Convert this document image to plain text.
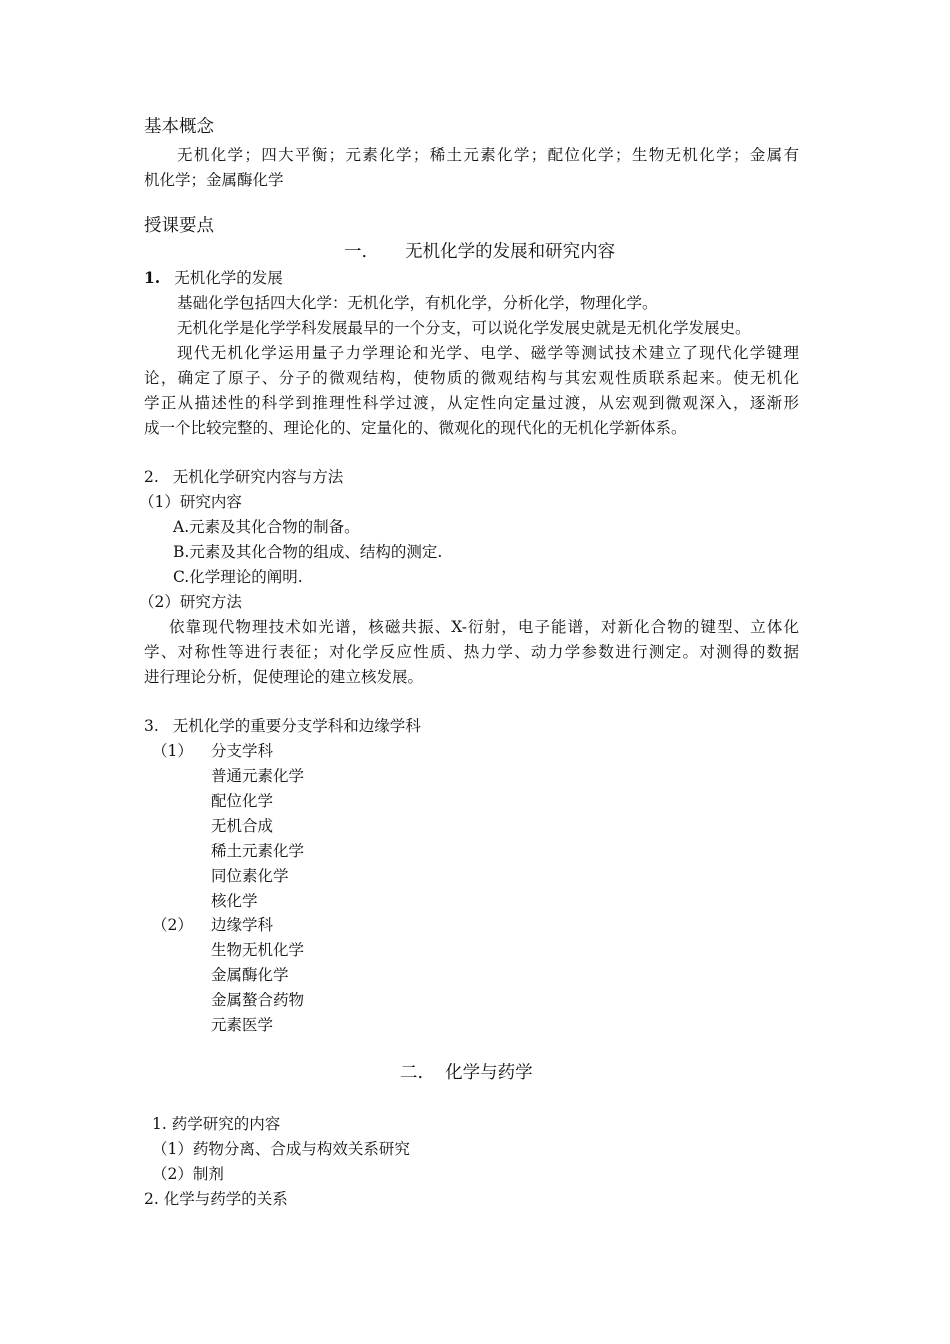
基本概念
无机化学；四大平衡；元素化学；稀土元素化学；配位化学；生物无机化学；金属有
机化学；金属酶化学
授课要点
一. 无机化学的发展和研究内容
1. 无机化学的发展
基础化学包括四大化学：无机化学，有机化学，分析化学，物理化学。
无机化学是化学学科发展最早的一个分支，可以说化学发展史就是无机化学发展史。
现代无机化学运用量子力学理论和光学、电学、磁学等测试技术建立了现代化学键理
论，确定了原子、分子的微观结构，使物质的微观结构与其宏观性质联系起来。使无机化
学正从描述性的科学到推理性科学过渡，从定性向定量过渡，从宏观到微观深入，逐渐形
成一个比较完整的、理论化的、定量化的、微观化的现代化的无机化学新体系。
2. 无机化学研究内容与方法
（1）研究内容
A.元素及其化合物的制备。
B.元素及其化合物的组成、结构的测定.
C.化学理论的阐明.
（2）研究方法
依靠现代物理技术如光谱，核磁共振、X-衍射，电子能谱，对新化合物的键型、立体化
学、对称性等进行表征；对化学反应性质、热力学、动力学参数进行测定。对测得的数据
进行理论分析，促使理论的建立核发展。
3. 无机化学的重要分支学科和边缘学科
（1） 分支学科
普通元素化学
配位化学
无机合成
稀土元素化学
同位素化学
核化学
（2） 边缘学科
生物无机化学
金属酶化学
金属螯合药物
元素医学
二. 化学与药学
1. 药学研究的内容
（1）药物分离、合成与构效关系研究
（2）制剂
2. 化学与药学的关系
